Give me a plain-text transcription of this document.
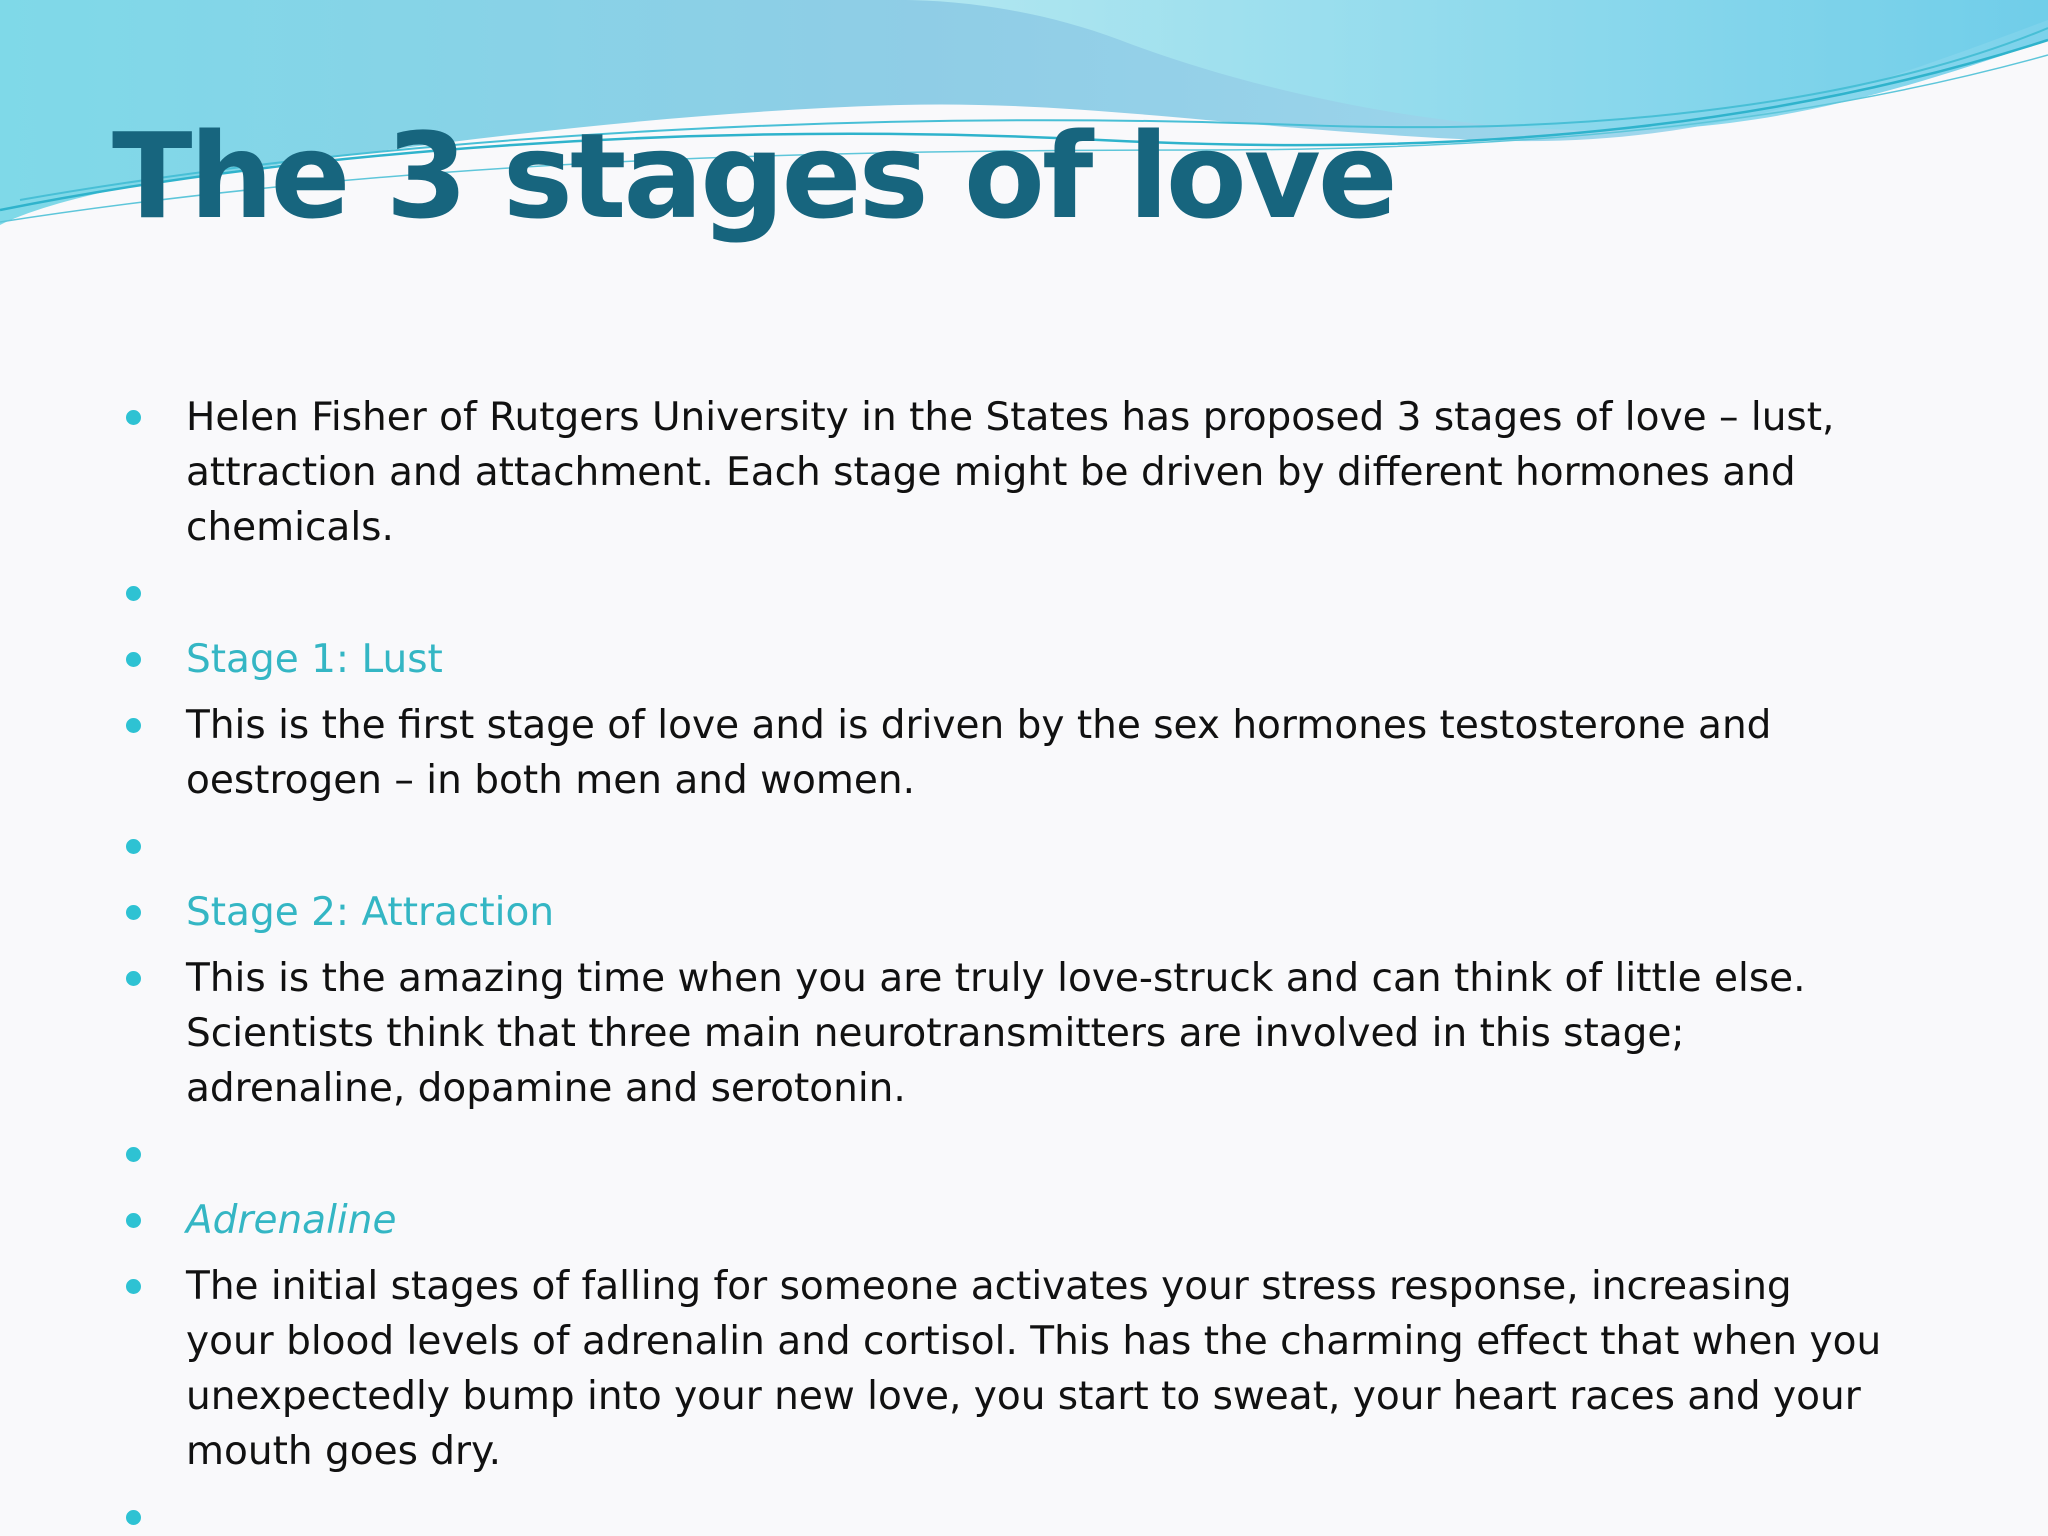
The 3 stages of love
Helen Fisher of Rutgers University in the States has proposed 3 stages of love – lust, attraction and attachment. Each stage might be driven by different hormones and chemicals.
Stage 1: Lust
This is the first stage of love and is driven by the sex hormones testosterone and oestrogen – in both men and women.
Stage 2: Attraction
This is the amazing time when you are truly love-struck and can think of little else. Scientists think that three main neurotransmitters are involved in this stage; adrenaline, dopamine and serotonin.
Adrenaline
The initial stages of falling for someone activates your stress response, increasing your blood levels of adrenalin and cortisol. This has the charming effect that when you unexpectedly bump into your new love, you start to sweat, your heart races and your mouth goes dry.
